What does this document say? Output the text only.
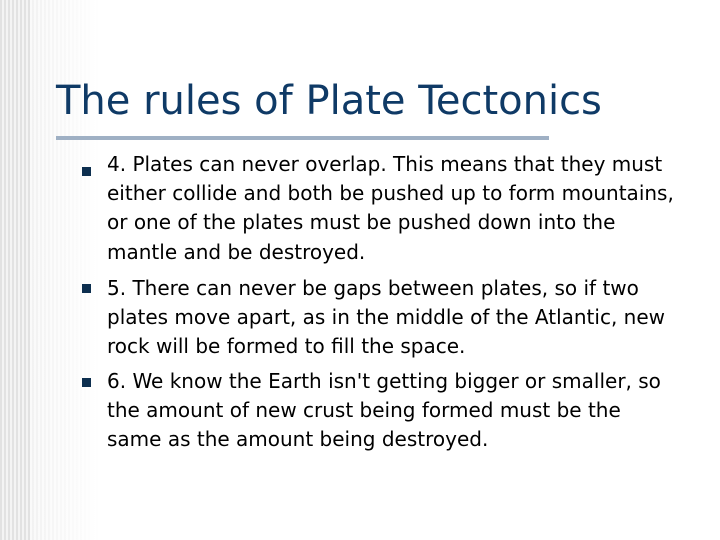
The rules of Plate Tectonics
4. Plates can never overlap. This means that they must
either collide and both be pushed up to form mountains,
or one of the plates must be pushed down into the
mantle and be destroyed.
5. There can never be gaps between plates, so if two
plates move apart, as in the middle of the Atlantic, new
rock will be formed to fill the space.
6. We know the Earth isn't getting bigger or smaller, so
the amount of new crust being formed must be the
same as the amount being destroyed.
